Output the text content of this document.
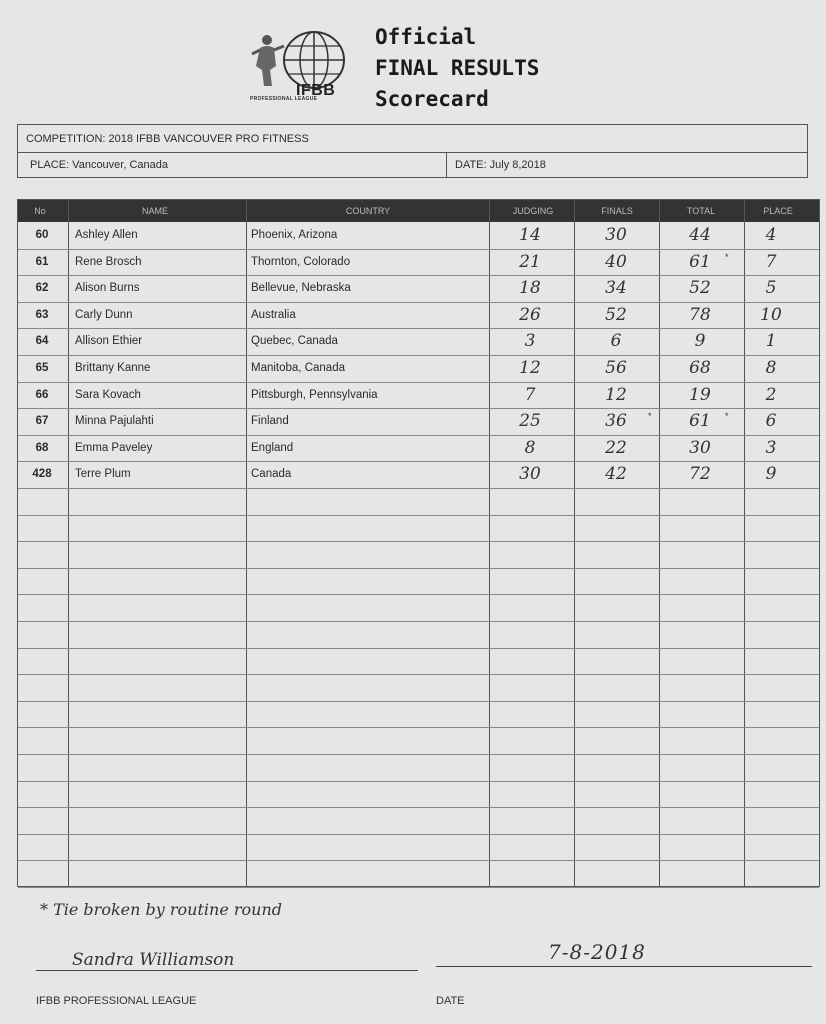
IFBB
PROFESSIONAL LEAGUE
Official
FINAL RESULTS
Scorecard
COMPETITION: 2018 IFBB VANCOUVER PRO FITNESS
PLACE: Vancouver, Canada	DATE: July 8,2018
No	NAME	COUNTRY	JUDGING	FINALS	TOTAL	PLACE
60	Ashley Allen	Phoenix, Arizona	14	30	44	4
61	Rene Brosch	Thornton, Colorado	21	40	61	7
*
62	Alison Burns	Bellevue, Nebraska	18	34	52	5
63	Carly Dunn	Australia	26	52	78	10
64	Allison Ethier	Quebec, Canada	3	6	9	1
65	Brittany Kanne	Manitoba, Canada	12	56	68	8
66	Sara Kovach	Pittsburgh, Pennsylvania	7	12	19	2
67	Minna Pajulahti	Finland	25	36	61	6
*
*
68	Emma Paveley	England	8	22	30	3
428	Terre Plum	Canada	30	42	72	9
* Tie broken by routine round
Sandra Williamson	7-8-2018
IFBB PROFESSIONAL LEAGUE	DATE
